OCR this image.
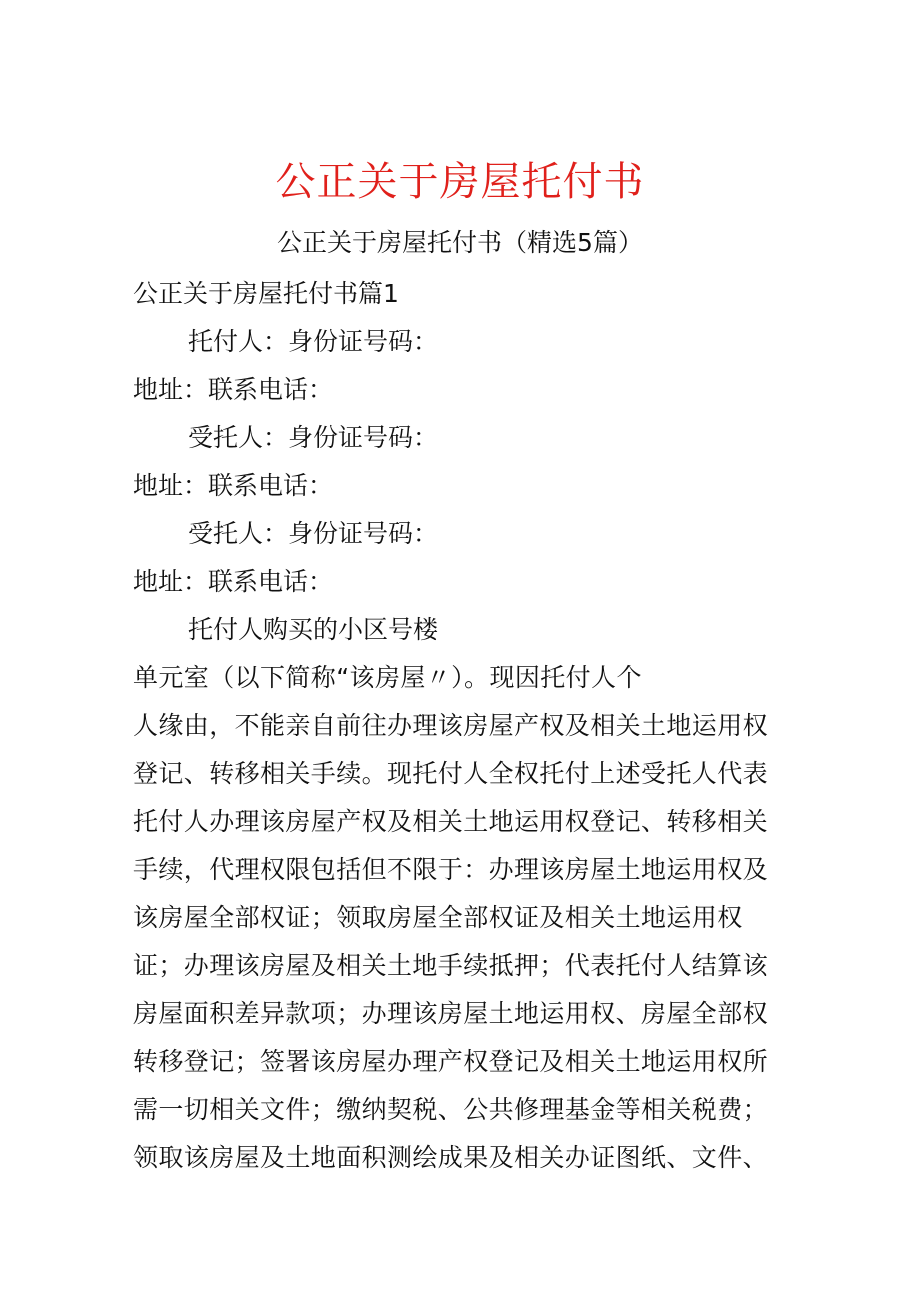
公正关于房屋托付书
公正关于房屋托付书（精选5篇）
公正关于房屋托付书篇1
托付人：身份证号码：
地址：联系电话：
受托人：身份证号码：
地址：联系电话：
受托人：身份证号码：
地址：联系电话：
托付人购买的小区号楼
单元室（以下简称“该房屋〃）。现因托付人个
人缘由，不能亲自前往办理该房屋产权及相关土地运用权
登记、转移相关手续。现托付人全权托付上述受托人代表
托付人办理该房屋产权及相关土地运用权登记、转移相关
手续，代理权限包括但不限于：办理该房屋土地运用权及
该房屋全部权证；领取房屋全部权证及相关土地运用权
证；办理该房屋及相关土地手续抵押；代表托付人结算该
房屋面积差异款项；办理该房屋土地运用权、房屋全部权
转移登记；签署该房屋办理产权登记及相关土地运用权所
需一切相关文件；缴纳契税、公共修理基金等相关税费；
领取该房屋及土地面积测绘成果及相关办证图纸、文件、
